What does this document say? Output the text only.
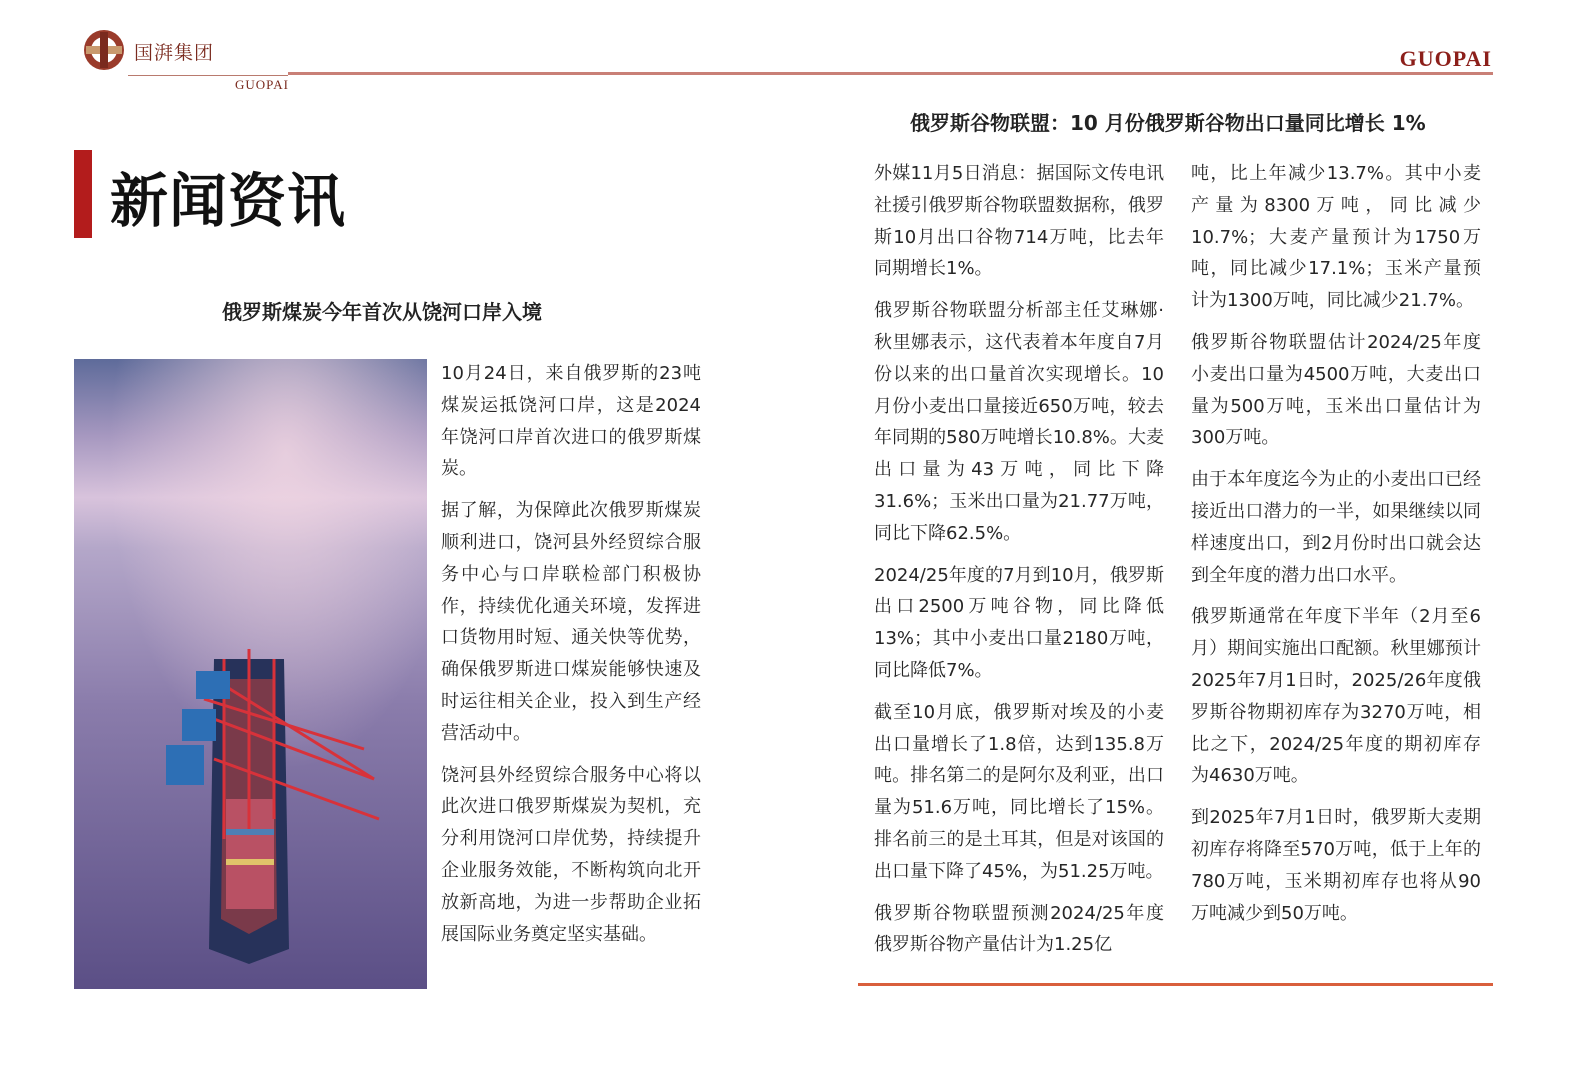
国湃集团
GUOPAI
GUOPAI
新闻资讯
俄罗斯煤炭今年首次从饶河口岸入境

10月24日，来自俄罗斯的23吨煤炭运抵饶河口岸，这是2024年饶河口岸首次进口的俄罗斯煤炭。

据了解，为保障此次俄罗斯煤炭顺利进口，饶河县外经贸综合服务中心与口岸联检部门积极协作，持续优化通关环境，发挥进口货物用时短、通关快等优势，确保俄罗斯进口煤炭能够快速及时运往相关企业，投入到生产经营活动中。

饶河县外经贸综合服务中心将以此次进口俄罗斯煤炭为契机，充分利用饶河口岸优势，持续提升企业服务效能，不断构筑向北开放新高地，为进一步帮助企业拓展国际业务奠定坚实基础。

俄罗斯谷物联盟：10 月份俄罗斯谷物出口量同比增长 1%

外媒11月5日消息：据国际文传电讯社援引俄罗斯谷物联盟数据称，俄罗斯10月出口谷物714万吨，比去年同期增长1%。

俄罗斯谷物联盟分析部主任艾琳娜·秋里娜表示，这代表着本年度自7月份以来的出口量首次实现增长。10月份小麦出口量接近650万吨，较去年同期的580万吨增长10.8%。大麦出口量为43万吨，同比下降31.6%；玉米出口量为21.77万吨，同比下降62.5%。

2024/25年度的7月到10月，俄罗斯出口2500万吨谷物，同比降低13%；其中小麦出口量2180万吨，同比降低7%。

截至10月底，俄罗斯对埃及的小麦出口量增长了1.8倍，达到135.8万吨。排名第二的是阿尔及利亚，出口量为51.6万吨，同比增长了15%。排名前三的是土耳其，但是对该国的出口量下降了45%，为51.25万吨。

俄罗斯谷物联盟预测2024/25年度俄罗斯谷物产量估计为1.25亿

吨，比上年减少13.7%。其中小麦产量为8300万吨，同比减少10.7%；大麦产量预计为1750万吨，同比减少17.1%；玉米产量预计为1300万吨，同比减少21.7%。

俄罗斯谷物联盟估计2024/25年度小麦出口量为4500万吨，大麦出口量为500万吨，玉米出口量估计为300万吨。

由于本年度迄今为止的小麦出口已经接近出口潜力的一半，如果继续以同样速度出口，到2月份时出口就会达到全年度的潜力出口水平。

俄罗斯通常在年度下半年（2月至6月）期间实施出口配额。秋里娜预计2025年7月1日时，2025/26年度俄罗斯谷物期初库存为3270万吨，相比之下，2024/25年度的期初库存为4630万吨。

到2025年7月1日时，俄罗斯大麦期初库存将降至570万吨，低于上年的780万吨，玉米期初库存也将从90万吨减少到50万吨。
